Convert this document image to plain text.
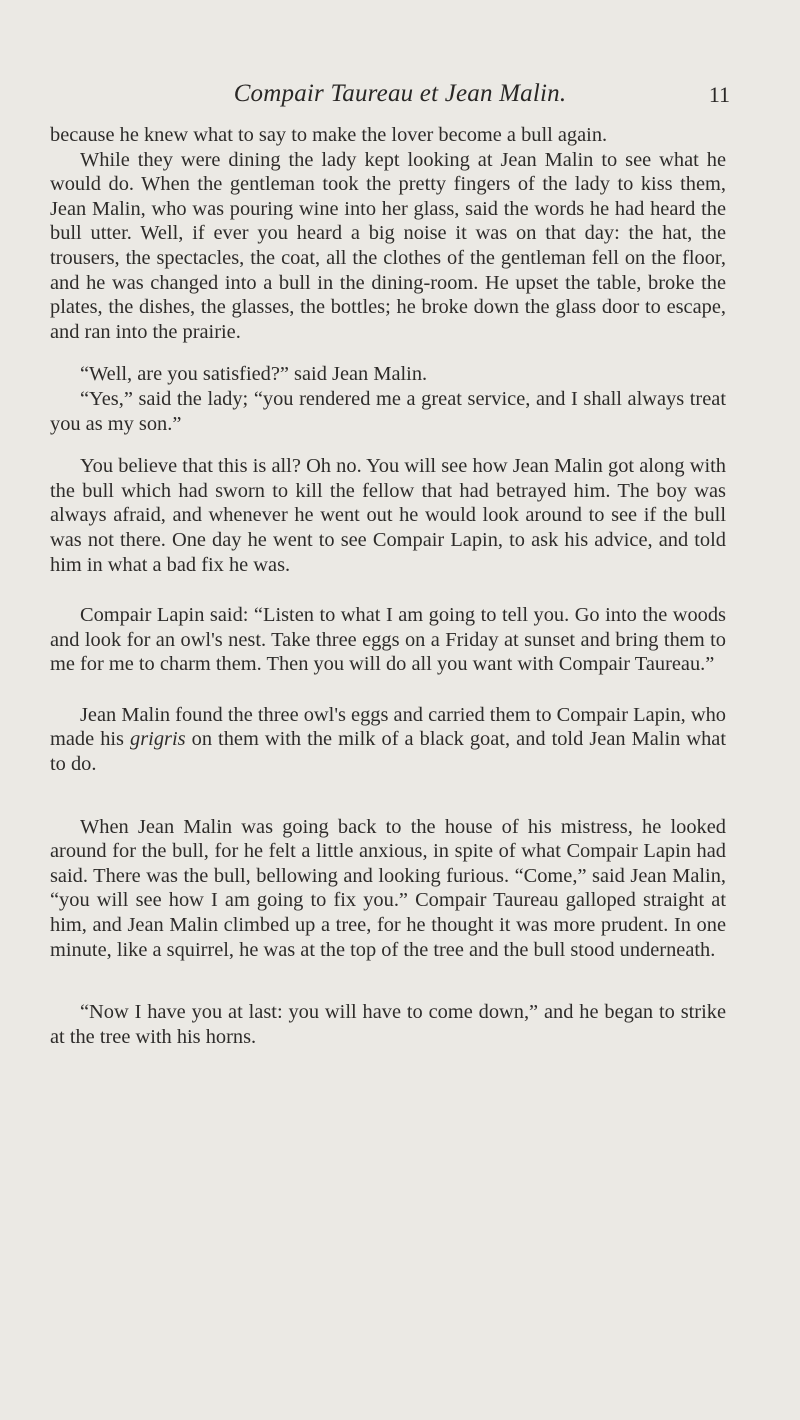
Compair Taureau et Jean Malin.	11

because he knew what to say to make the lover become a bull again.

While they were dining the lady kept looking at Jean Malin to see what he would do. When the gentleman took the pretty fingers of the lady to kiss them, Jean Malin, who was pouring wine into her glass, said the words he had heard the bull utter. Well, if ever you heard a big noise it was on that day: the hat, the trousers, the spectacles, the coat, all the clothes of the gentleman fell on the floor, and he was changed into a bull in the dining-room. He upset the table, broke the plates, the dishes, the glasses, the bottles; he broke down the glass door to escape, and ran into the prairie.

“Well, are you satisfied?” said Jean Malin.

“Yes,” said the lady; “you rendered me a great service, and I shall always treat you as my son.”

You believe that this is all? Oh no. You will see how Jean Malin got along with the bull which had sworn to kill the fellow that had betrayed him. The boy was always afraid, and whenever he went out he would look around to see if the bull was not there. One day he went to see Compair Lapin, to ask his advice, and told him in what a bad fix he was.

Compair Lapin said: “Listen to what I am going to tell you. Go into the woods and look for an owl's nest. Take three eggs on a Friday at sunset and bring them to me for me to charm them. Then you will do all you want with Compair Taureau.”

Jean Malin found the three owl's eggs and carried them to Compair Lapin, who made his grigris on them with the milk of a black goat, and told Jean Malin what to do.

When Jean Malin was going back to the house of his mistress, he looked around for the bull, for he felt a little anxious, in spite of what Compair Lapin had said. There was the bull, bellowing and looking furious. “Come,” said Jean Malin, “you will see how I am going to fix you.” Compair Taureau galloped straight at him, and Jean Malin climbed up a tree, for he thought it was more prudent. In one minute, like a squirrel, he was at the top of the tree and the bull stood underneath.

“Now I have you at last: you will have to come down,” and he began to strike at the tree with his horns.
